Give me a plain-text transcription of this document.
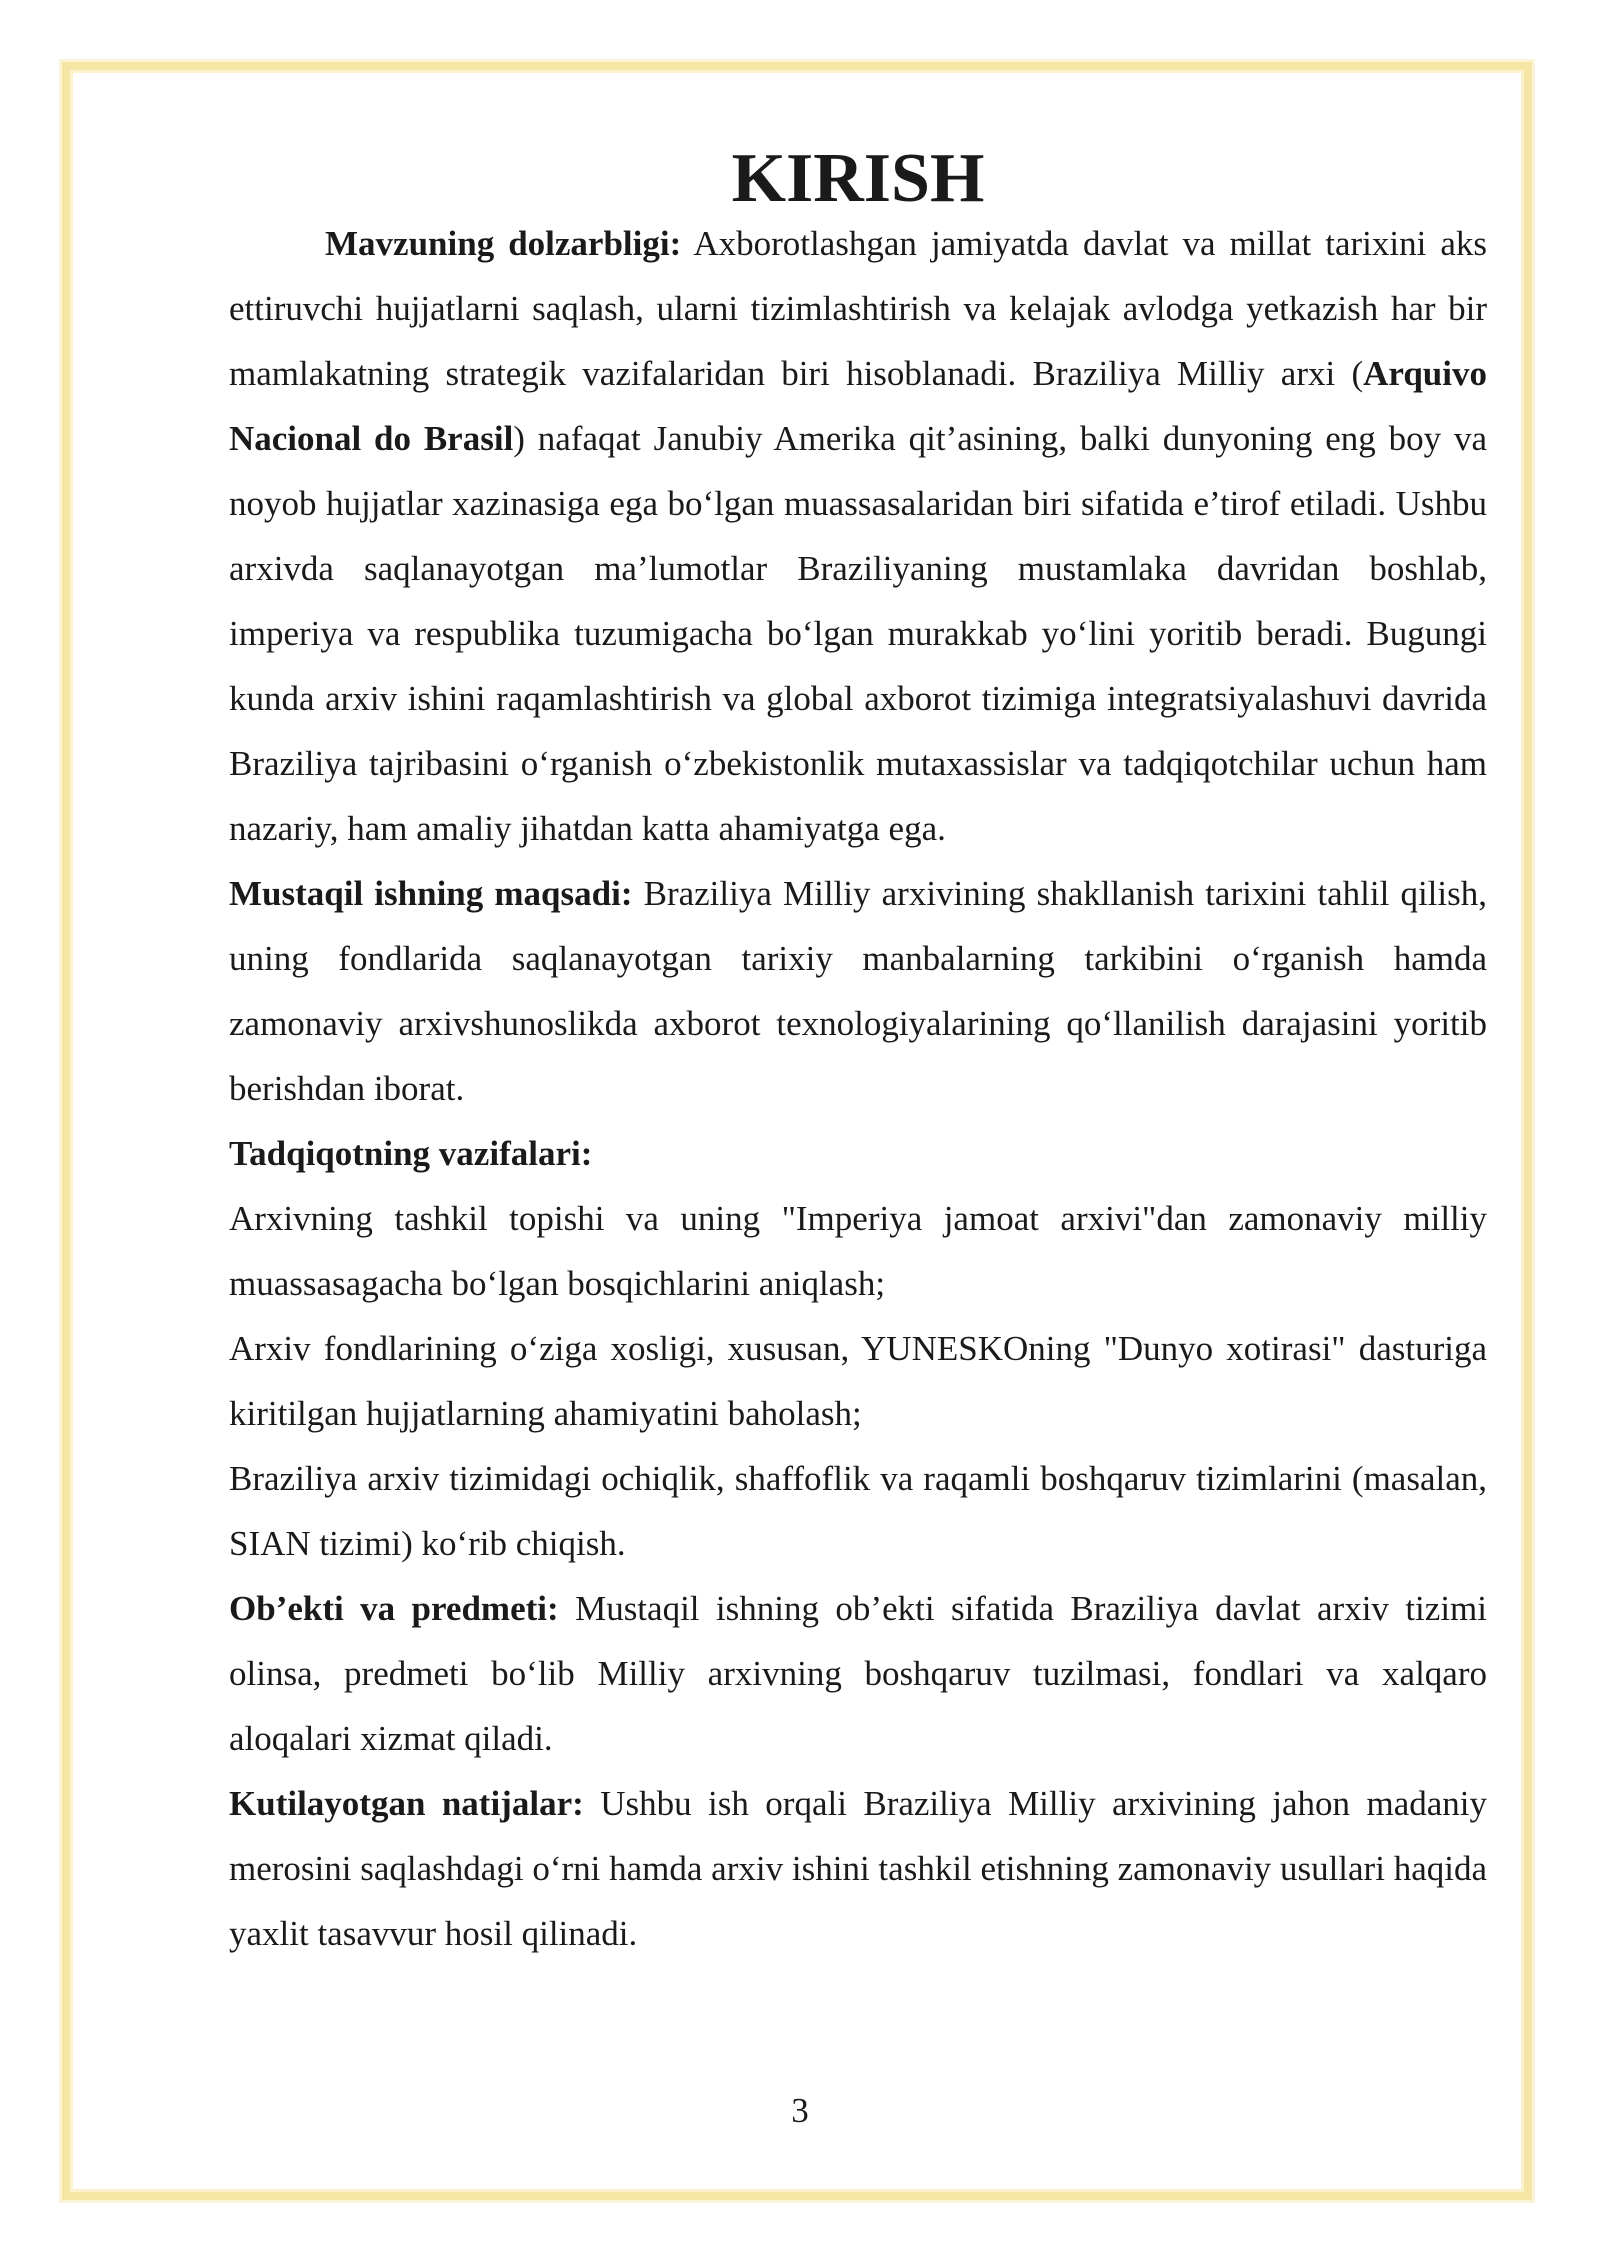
KIRISH

Mavzuning dolzarbligi: Axborotlashgan jamiyatda davlat va millat tarixini aks ettiruvchi hujjatlarni saqlash, ularni tizimlashtirish va kelajak avlodga yetkazish har bir mamlakatning strategik vazifalaridan biri hisoblanadi. Braziliya Milliy arxi (Arquivo Nacional do Brasil) nafaqat Janubiy Amerika qit’asining, balki dunyoning eng boy va noyob hujjatlar xazinasiga ega boʻlgan muassasalaridan biri sifatida e’tirof etiladi. Ushbu arxivda saqlanayotgan ma’lumotlar Braziliyaning mustamlaka davridan boshlab, imperiya va respublika tuzumigacha boʻlgan murakkab yoʻlini yoritib beradi. Bugungi kunda arxiv ishini raqamlashtirish va global axborot tizimiga integratsiyalashuvi davrida Braziliya tajribasini oʻrganish oʻzbekistonlik mutaxassislar va tadqiqotchilar uchun ham nazariy, ham amaliy jihatdan katta ahamiyatga ega.

Mustaqil ishning maqsadi: Braziliya Milliy arxivining shakllanish tarixini tahlil qilish, uning fondlarida saqlanayotgan tarixiy manbalarning tarkibini oʻrganish hamda zamonaviy arxivshunoslikda axborot texnologiyalarining qoʻllanilish darajasini yoritib berishdan iborat.

Tadqiqotning vazifalari:

Arxivning tashkil topishi va uning "Imperiya jamoat arxivi"dan zamonaviy milliy muassasagacha boʻlgan bosqichlarini aniqlash;

Arxiv fondlarining oʻziga xosligi, xususan, YUNESKOning "Dunyo xotirasi" dasturiga kiritilgan hujjatlarning ahamiyatini baholash;

Braziliya arxiv tizimidagi ochiqlik, shaffoflik va raqamli boshqaruv tizimlarini (masalan, SIAN tizimi) koʻrib chiqish.

Ob’ekti va predmeti: Mustaqil ishning ob’ekti sifatida Braziliya davlat arxiv tizimi olinsa, predmeti boʻlib Milliy arxivning boshqaruv tuzilmasi, fondlari va xalqaro aloqalari xizmat qiladi.

Kutilayotgan natijalar: Ushbu ish orqali Braziliya Milliy arxivining jahon madaniy merosini saqlashdagi oʻrni hamda arxiv ishini tashkil etishning zamonaviy usullari haqida yaxlit tasavvur hosil qilinadi.

3
